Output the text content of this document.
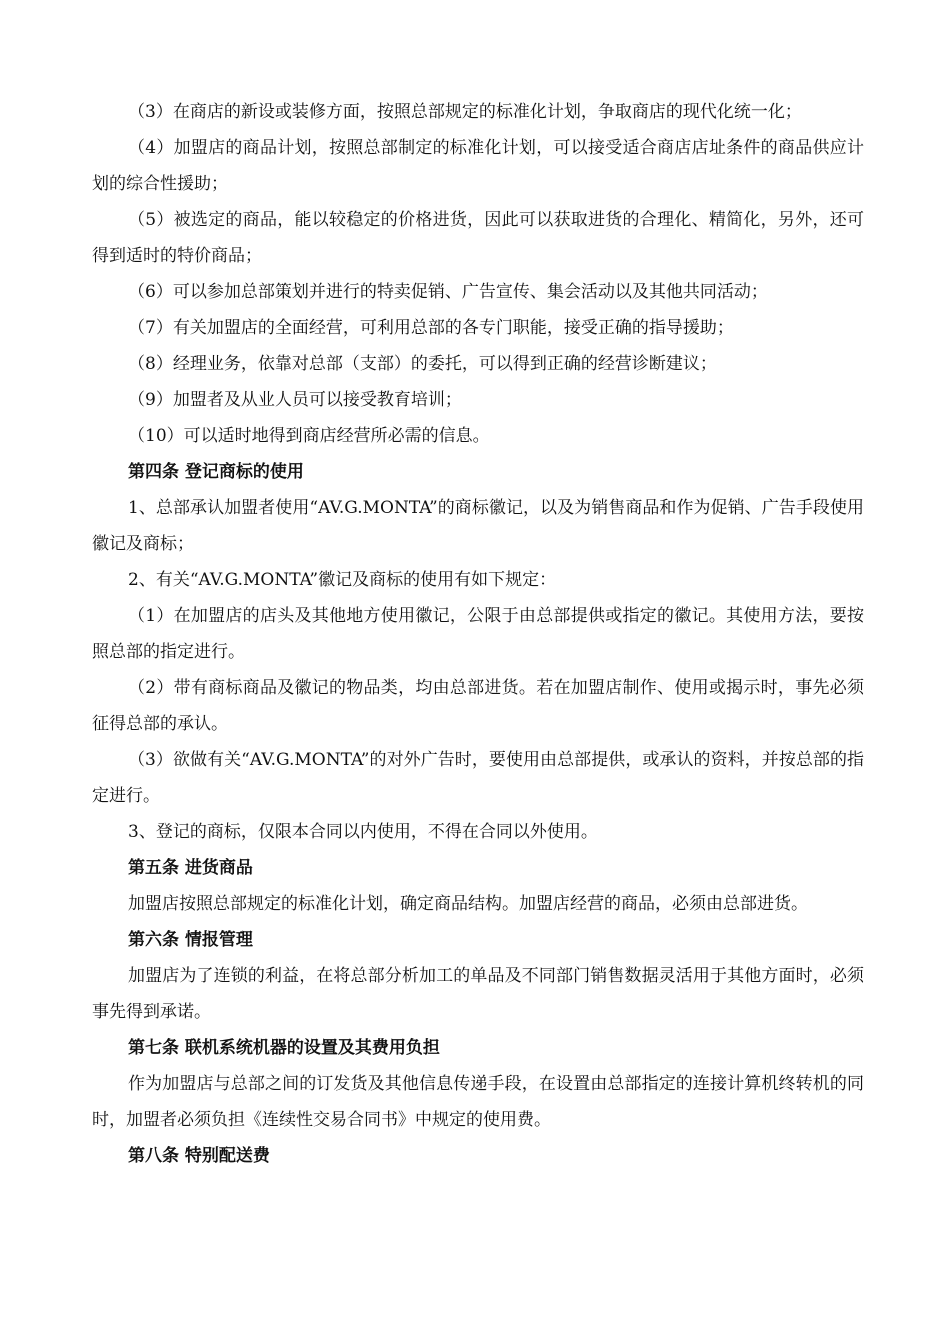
（3）在商店的新设或装修方面，按照总部规定的标准化计划，争取商店的现代化统一化；

（4）加盟店的商品计划，按照总部制定的标准化计划，可以接受适合商店店址条件的商品供应计划的综合性援助；

（5）被选定的商品，能以较稳定的价格进货，因此可以获取进货的合理化、精简化，另外，还可得到适时的特价商品；

（6）可以参加总部策划并进行的特卖促销、广告宣传、集会活动以及其他共同活动；

（7）有关加盟店的全面经营，可利用总部的各专门职能，接受正确的指导援助；

（8）经理业务，依靠对总部（支部）的委托，可以得到正确的经营诊断建议；

（9）加盟者及从业人员可以接受教育培训；

（10）可以适时地得到商店经营所必需的信息。

第四条 登记商标的使用

1、总部承认加盟者使用“AV.G.MONTA”的商标徽记，以及为销售商品和作为促销、广告手段使用徽记及商标；

2、有关“AV.G.MONTA”徽记及商标的使用有如下规定：

（1）在加盟店的店头及其他地方使用徽记，公限于由总部提供或指定的徽记。其使用方法，要按照总部的指定进行。

（2）带有商标商品及徽记的物品类，均由总部进货。若在加盟店制作、使用或揭示时，事先必须征得总部的承认。

（3）欲做有关“AV.G.MONTA”的对外广告时，要使用由总部提供，或承认的资料，并按总部的指定进行。

3、登记的商标，仅限本合同以内使用，不得在合同以外使用。

第五条 进货商品

加盟店按照总部规定的标准化计划，确定商品结构。加盟店经营的商品，必须由总部进货。

第六条 情报管理

加盟店为了连锁的利益，在将总部分析加工的单品及不同部门销售数据灵活用于其他方面时，必须事先得到承诺。

第七条 联机系统机器的设置及其费用负担

作为加盟店与总部之间的订发货及其他信息传递手段，在设置由总部指定的连接计算机终转机的同时，加盟者必须负担《连续性交易合同书》中规定的使用费。

第八条 特别配送费
